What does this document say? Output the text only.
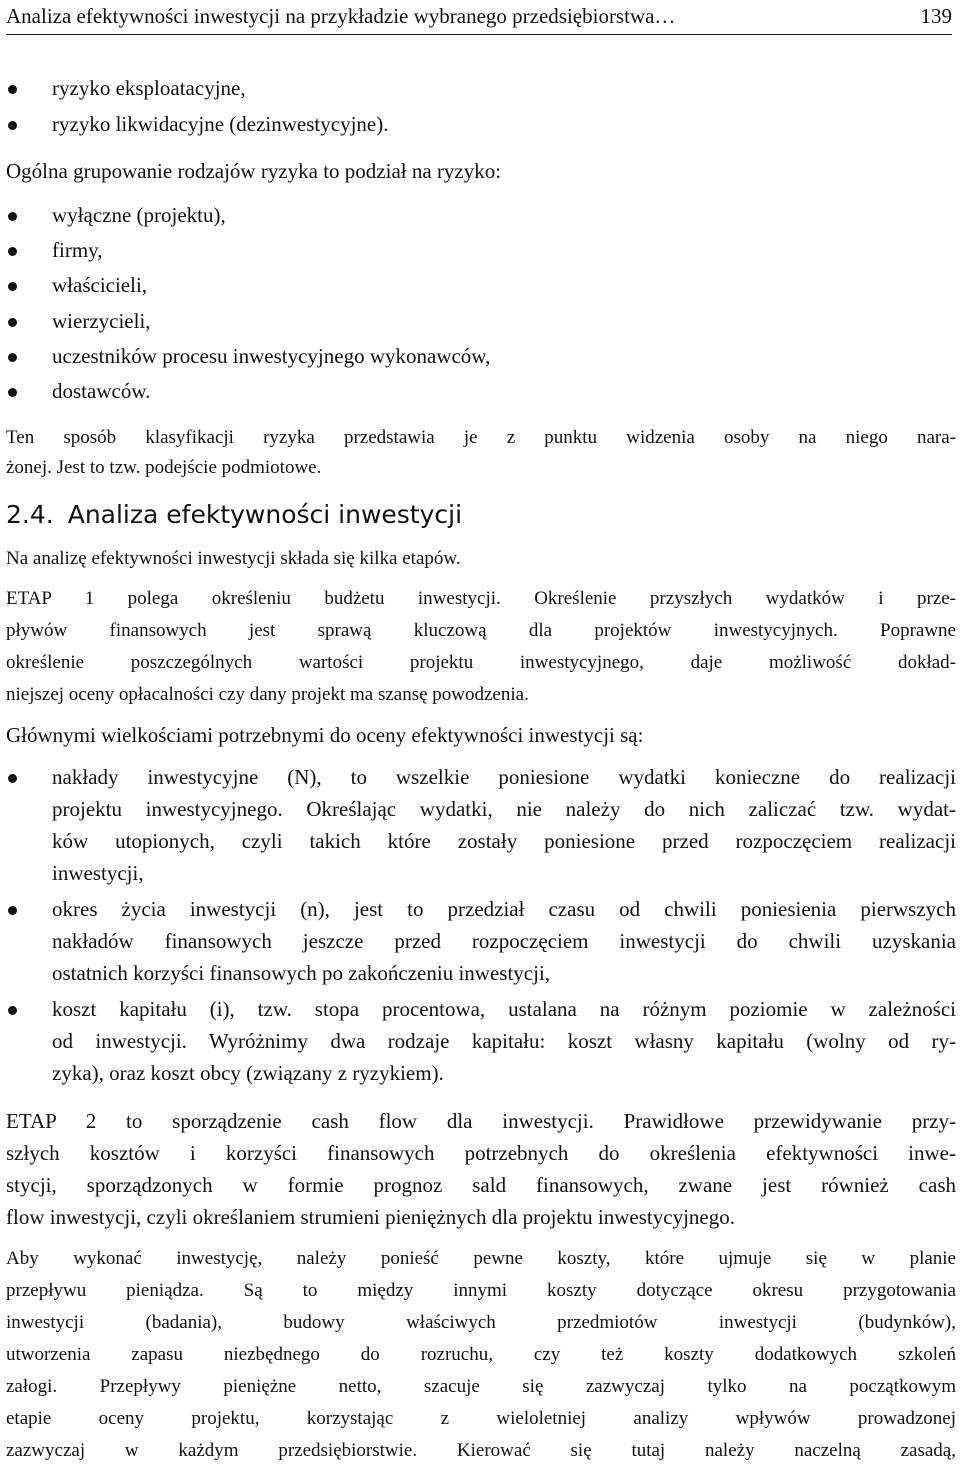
Analiza efektywności inwestycji na przykładzie wybranego przedsiębiorstwa…	139
ryzyko eksploatacyjne,
ryzyko likwidacyjne (dezinwestycyjne).
Ogólna grupowanie rodzajów ryzyka to podział na ryzyko:
wyłączne (projektu),
firmy,
właścicieli,
wierzycieli,
uczestników procesu inwestycyjnego wykonawców,
dostawców.
Ten sposób klasyfikacji ryzyka przedstawia je z punktu widzenia osoby na niego nara-
żonej. Jest to tzw. podejście podmiotowe.
2.4. Analiza efektywności inwestycji
Na analizę efektywności inwestycji składa się kilka etapów.
ETAP 1 polega określeniu budżetu inwestycji. Określenie przyszłych wydatków i prze-
pływów finansowych jest sprawą kluczową dla projektów inwestycyjnych. Poprawne
określenie poszczególnych wartości projektu inwestycyjnego, daje możliwość dokład-
niejszej oceny opłacalności czy dany projekt ma szansę powodzenia.
Głównymi wielkościami potrzebnymi do oceny efektywności inwestycji są:
nakłady inwestycyjne (N), to wszelkie poniesione wydatki konieczne do realizacji
projektu inwestycyjnego. Określając wydatki, nie należy do nich zaliczać tzw. wydat-
ków utopionych, czyli takich które zostały poniesione przed rozpoczęciem realizacji
inwestycji,
okres życia inwestycji (n), jest to przedział czasu od chwili poniesienia pierwszych
nakładów finansowych jeszcze przed rozpoczęciem inwestycji do chwili uzyskania
ostatnich korzyści finansowych po zakończeniu inwestycji,
koszt kapitału (i), tzw. stopa procentowa, ustalana na różnym poziomie w zależności
od inwestycji. Wyróżnimy dwa rodzaje kapitału: koszt własny kapitału (wolny od ry-
zyka), oraz koszt obcy (związany z ryzykiem).
ETAP 2 to sporządzenie cash flow dla inwestycji. Prawidłowe przewidywanie przy-
szłych kosztów i korzyści finansowych potrzebnych do określenia efektywności inwe-
stycji, sporządzonych w formie prognoz sald finansowych, zwane jest również cash
flow inwestycji, czyli określaniem strumieni pieniężnych dla projektu inwestycyjnego.
Aby wykonać inwestycję, należy ponieść pewne koszty, które ujmuje się w planie
przepływu pieniądza. Są to między innymi koszty dotyczące okresu przygotowania
inwestycji (badania), budowy właściwych przedmiotów inwestycji (budynków),
utworzenia zapasu niezbędnego do rozruchu, czy też koszty dodatkowych szkoleń
załogi. Przepływy pieniężne netto, szacuje się zazwyczaj tylko na początkowym
etapie oceny projektu, korzystając z wieloletniej analizy wpływów prowadzonej
zazwyczaj w każdym przedsiębiorstwie. Kierować się tutaj należy naczelną zasadą,
